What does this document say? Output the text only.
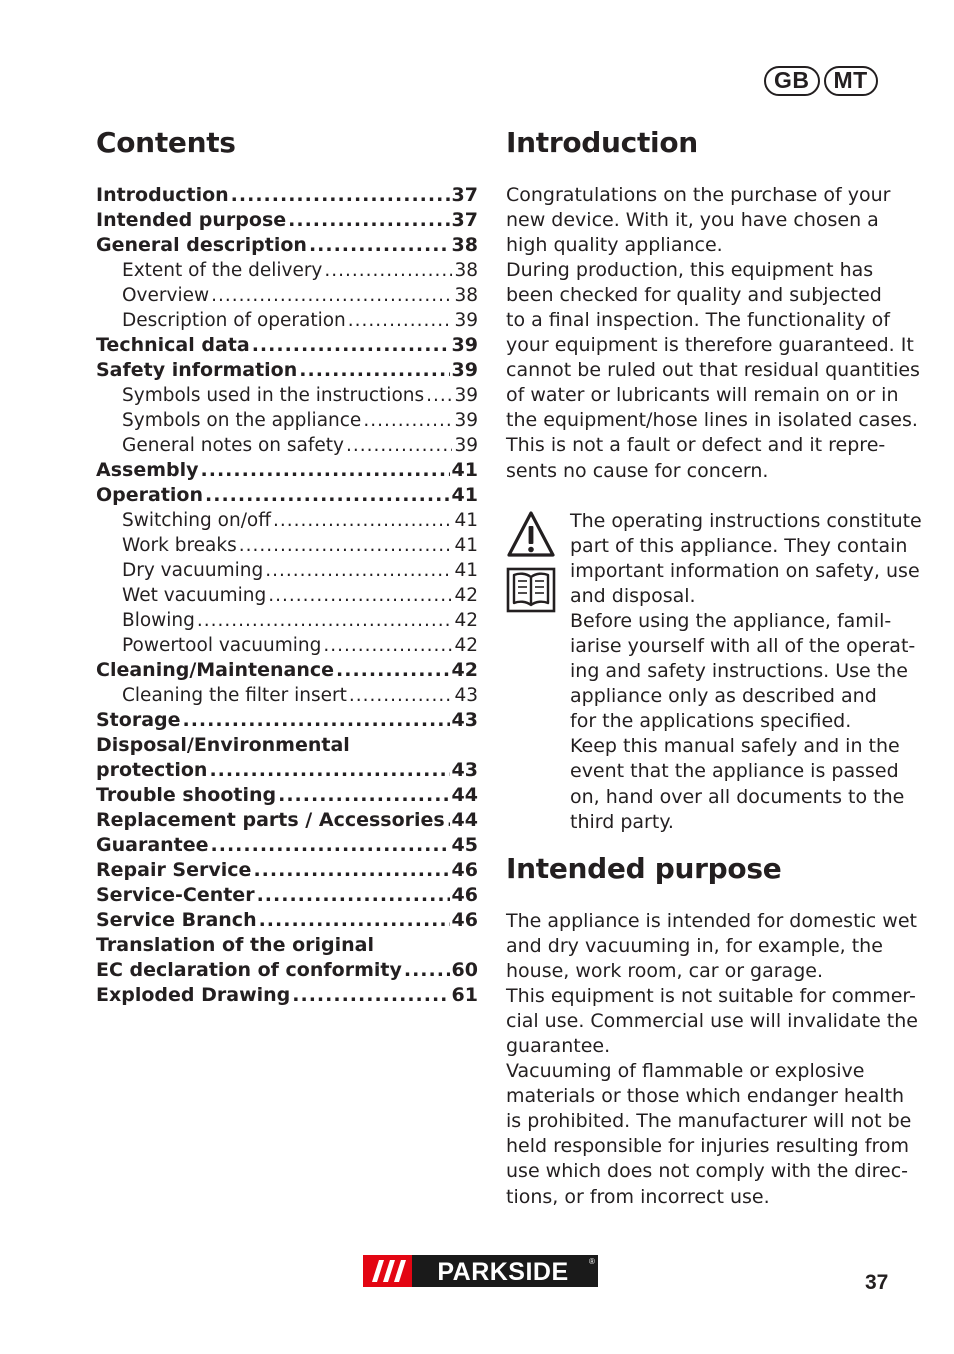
GB	MT
Contents	Introduction
Intended purpose
Introduction .....	37
Intended purpose .....	37
General description .....	38
Extent of the delivery .....	38
Overview .....	38
Description of operation .....	39
Technical data .....	39
Safety information .....	39
Symbols used in the instructions ..... 39
Symbols on the appliance .....	39
General notes on safety .....	39
Assembly .....	41
Operation .....	41
Switching on/off .....	41
Work breaks .....	41
Dry vacuuming .....	41
Wet vacuuming .....	42
Blowing .....	42
Powertool vacuuming .....	42
Cleaning/Maintenance .....	42
Cleaning the filter insert .....	43
Storage .....	43
Disposal/Environmental
protection .....	43
Trouble shooting .....	44
Replacement parts / Accessories ..... 44
Guarantee .....	45
Repair Service .....	46
Service-Center .....	46
Service Branch .....	46
Translation of the original
EC declaration of conformity .....	60
Exploded Drawing .....	61
Congratulations on the purchase of your
new device. With it, you have chosen a
high quality appliance.
During production, this equipment has
been checked for quality and subjected
to a final inspection. The functionality of
your equipment is therefore guaranteed. It
cannot be ruled out that residual quantities
of water or lubricants will remain on or in
the equipment/hose lines in isolated cases.
This is not a fault or defect and it repre-
sents no cause for concern.

The operating instructions constitute
part of this appliance. They contain
important information on safety, use
and disposal.
Before using the appliance, famil-
iarise yourself with all of the operat-
ing and safety instructions. Use the
appliance only as described and
for the applications specified.
Keep this manual safely and in the
event that the appliance is passed
on, hand over all documents to the
third party.
The appliance is intended for domestic wet
and dry vacuuming in, for example, the
house, work room, car or garage.
This equipment is not suitable for commer-
cial use. Commercial use will invalidate the
guarantee.
Vacuuming of flammable or explosive
materials or those which endanger health
is prohibited. The manufacturer will not be
held responsible for injuries resulting from
use which does not comply with the direc-
tions, or from incorrect use.
PARKSIDE	®
37
